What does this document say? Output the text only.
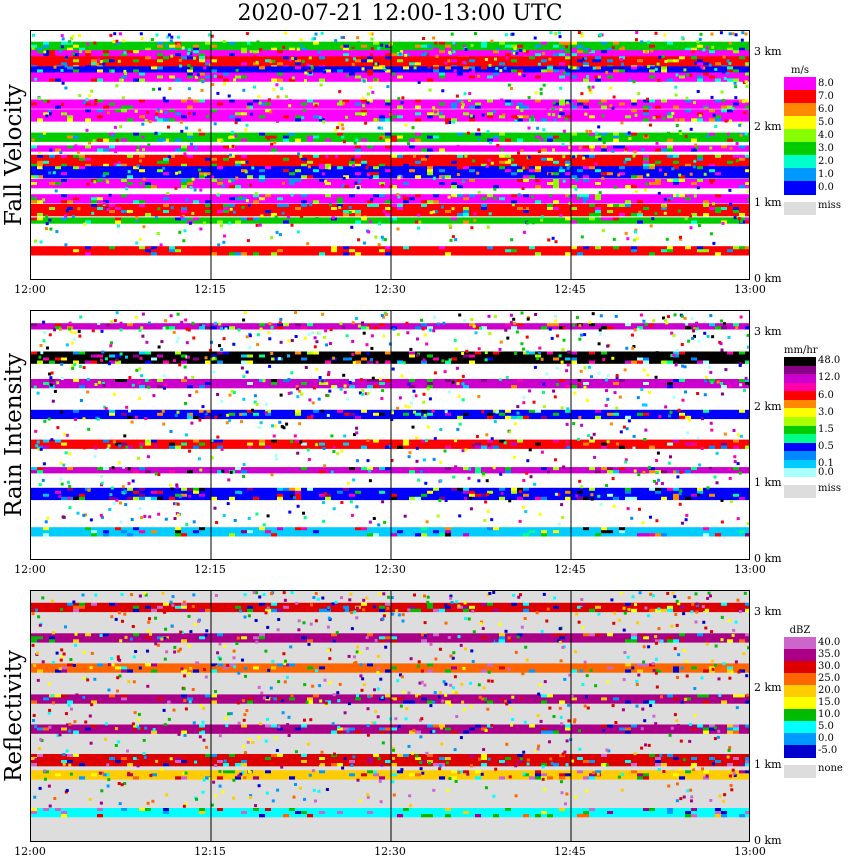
2020-07-21 12:00-13:00 UTC
Fall Velocity
12:00	12:15	12:30	12:45	13:00
0 km
1 km
2 km
3 km
m/s
8.0
7.0
6.0
5.0
4.0
3.0
2.0
1.0
0.0
miss
Rain Intensity
12:00	12:15	12:30	12:45	13:00
0 km
1 km
2 km
3 km
mm/hr
48.0
12.0
6.0
3.0
1.5
0.5
0.1
0.0
miss
Reflectivity
12:00	12:15	12:30	12:45	13:00
0 km
1 km
2 km
3 km
dBZ
40.0
35.0
30.0
25.0
20.0
15.0
10.0
5.0
0.0
-5.0
none
